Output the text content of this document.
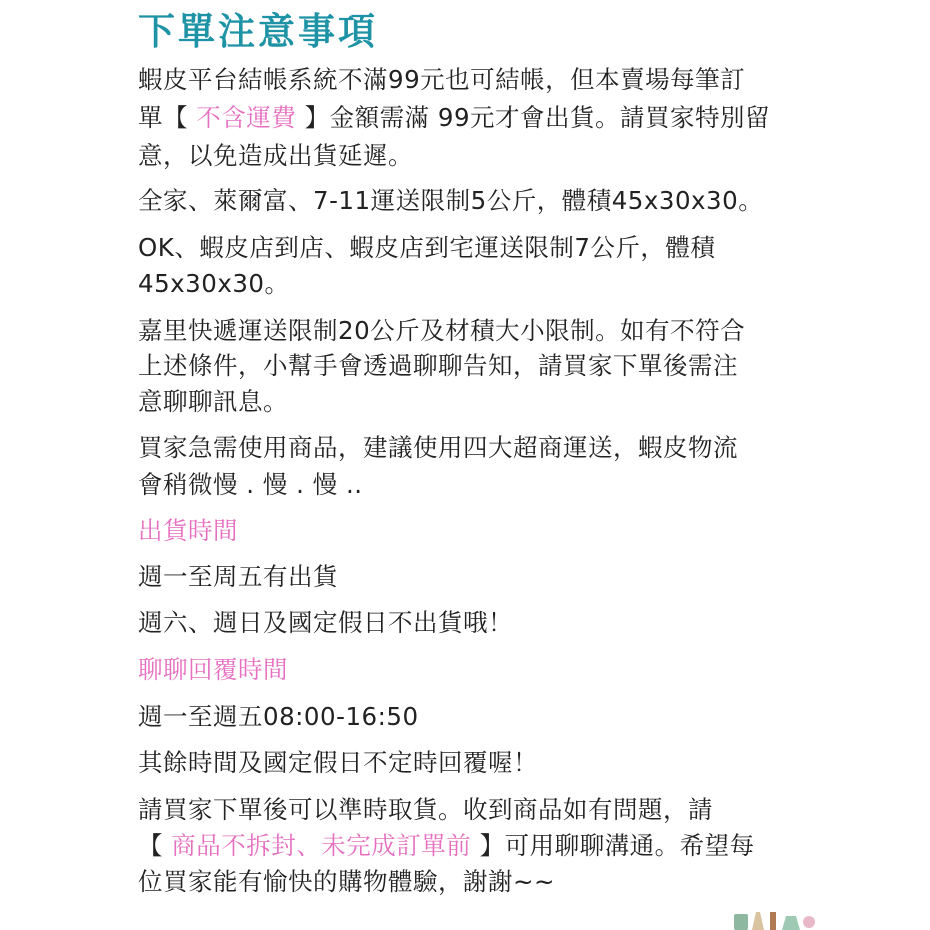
下單注意事項
蝦皮平台結帳系統不滿99元也可結帳，但本賣場每筆訂
單【 不含運費 】金額需滿 99元才會出貨。請買家特別留
意，以免造成出貨延遲。
全家、萊爾富、7-11運送限制5公斤，體積45x30x30。
OK、蝦皮店到店、蝦皮店到宅運送限制7公斤，體積
45x30x30。
嘉里快遞運送限制20公斤及材積大小限制。如有不符合
上述條件，小幫手會透過聊聊告知，請買家下單後需注
意聊聊訊息。
買家急需使用商品，建議使用四大超商運送，蝦皮物流
會稍微慢 . 慢 . 慢 ..
出貨時間
週一至周五有出貨
週六、週日及國定假日不出貨哦！
聊聊回覆時間
週一至週五08:00-16:50
其餘時間及國定假日不定時回覆喔！
請買家下單後可以準時取貨。收到商品如有問題，請
【 商品不拆封、未完成訂單前 】可用聊聊溝通。希望每
位買家能有愉快的購物體驗，謝謝~~
